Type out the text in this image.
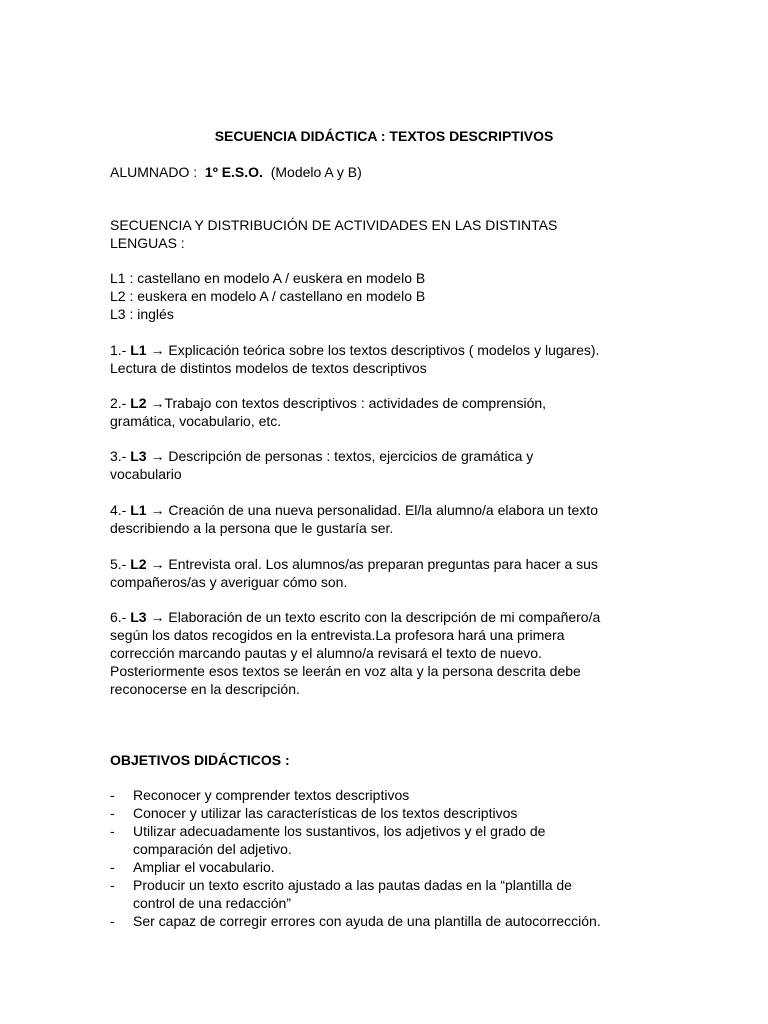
SECUENCIA DIDÁCTICA : TEXTOS DESCRIPTIVOS
ALUMNADO : 1º E.S.O. (Modelo A y B)
SECUENCIA Y DISTRIBUCIÓN DE ACTIVIDADES EN LAS DISTINTAS
LENGUAS :
L1 : castellano en modelo A / euskera en modelo B
L2 : euskera en modelo A / castellano en modelo B
L3 : inglés
1.- L1 → Explicación teórica sobre los textos descriptivos ( modelos y lugares).
Lectura de distintos modelos de textos descriptivos
2.- L2 →Trabajo con textos descriptivos : actividades de comprensión,
gramática, vocabulario, etc.
3.- L3 → Descripción de personas : textos, ejercicios de gramática y
vocabulario
4.- L1 → Creación de una nueva personalidad. El/la alumno/a elabora un texto
describiendo a la persona que le gustaría ser.
5.- L2 → Entrevista oral. Los alumnos/as preparan preguntas para hacer a sus
compañeros/as y averiguar cómo son.
6.- L3 → Elaboración de un texto escrito con la descripción de mi compañero/a
según los datos recogidos en la entrevista.La profesora hará una primera
corrección marcando pautas y el alumno/a revisará el texto de nuevo.
Posteriormente esos textos se leerán en voz alta y la persona descrita debe
reconocerse en la descripción.
OBJETIVOS DIDÁCTICOS :
- Reconocer y comprender textos descriptivos
- Conocer y utilizar las características de los textos descriptivos
- Utilizar adecuadamente los sustantivos, los adjetivos y el grado de
comparación del adjetivo.
- Ampliar el vocabulario.
- Producir un texto escrito ajustado a las pautas dadas en la “plantilla de
control de una redacción”
- Ser capaz de corregir errores con ayuda de una plantilla de autocorrección.
